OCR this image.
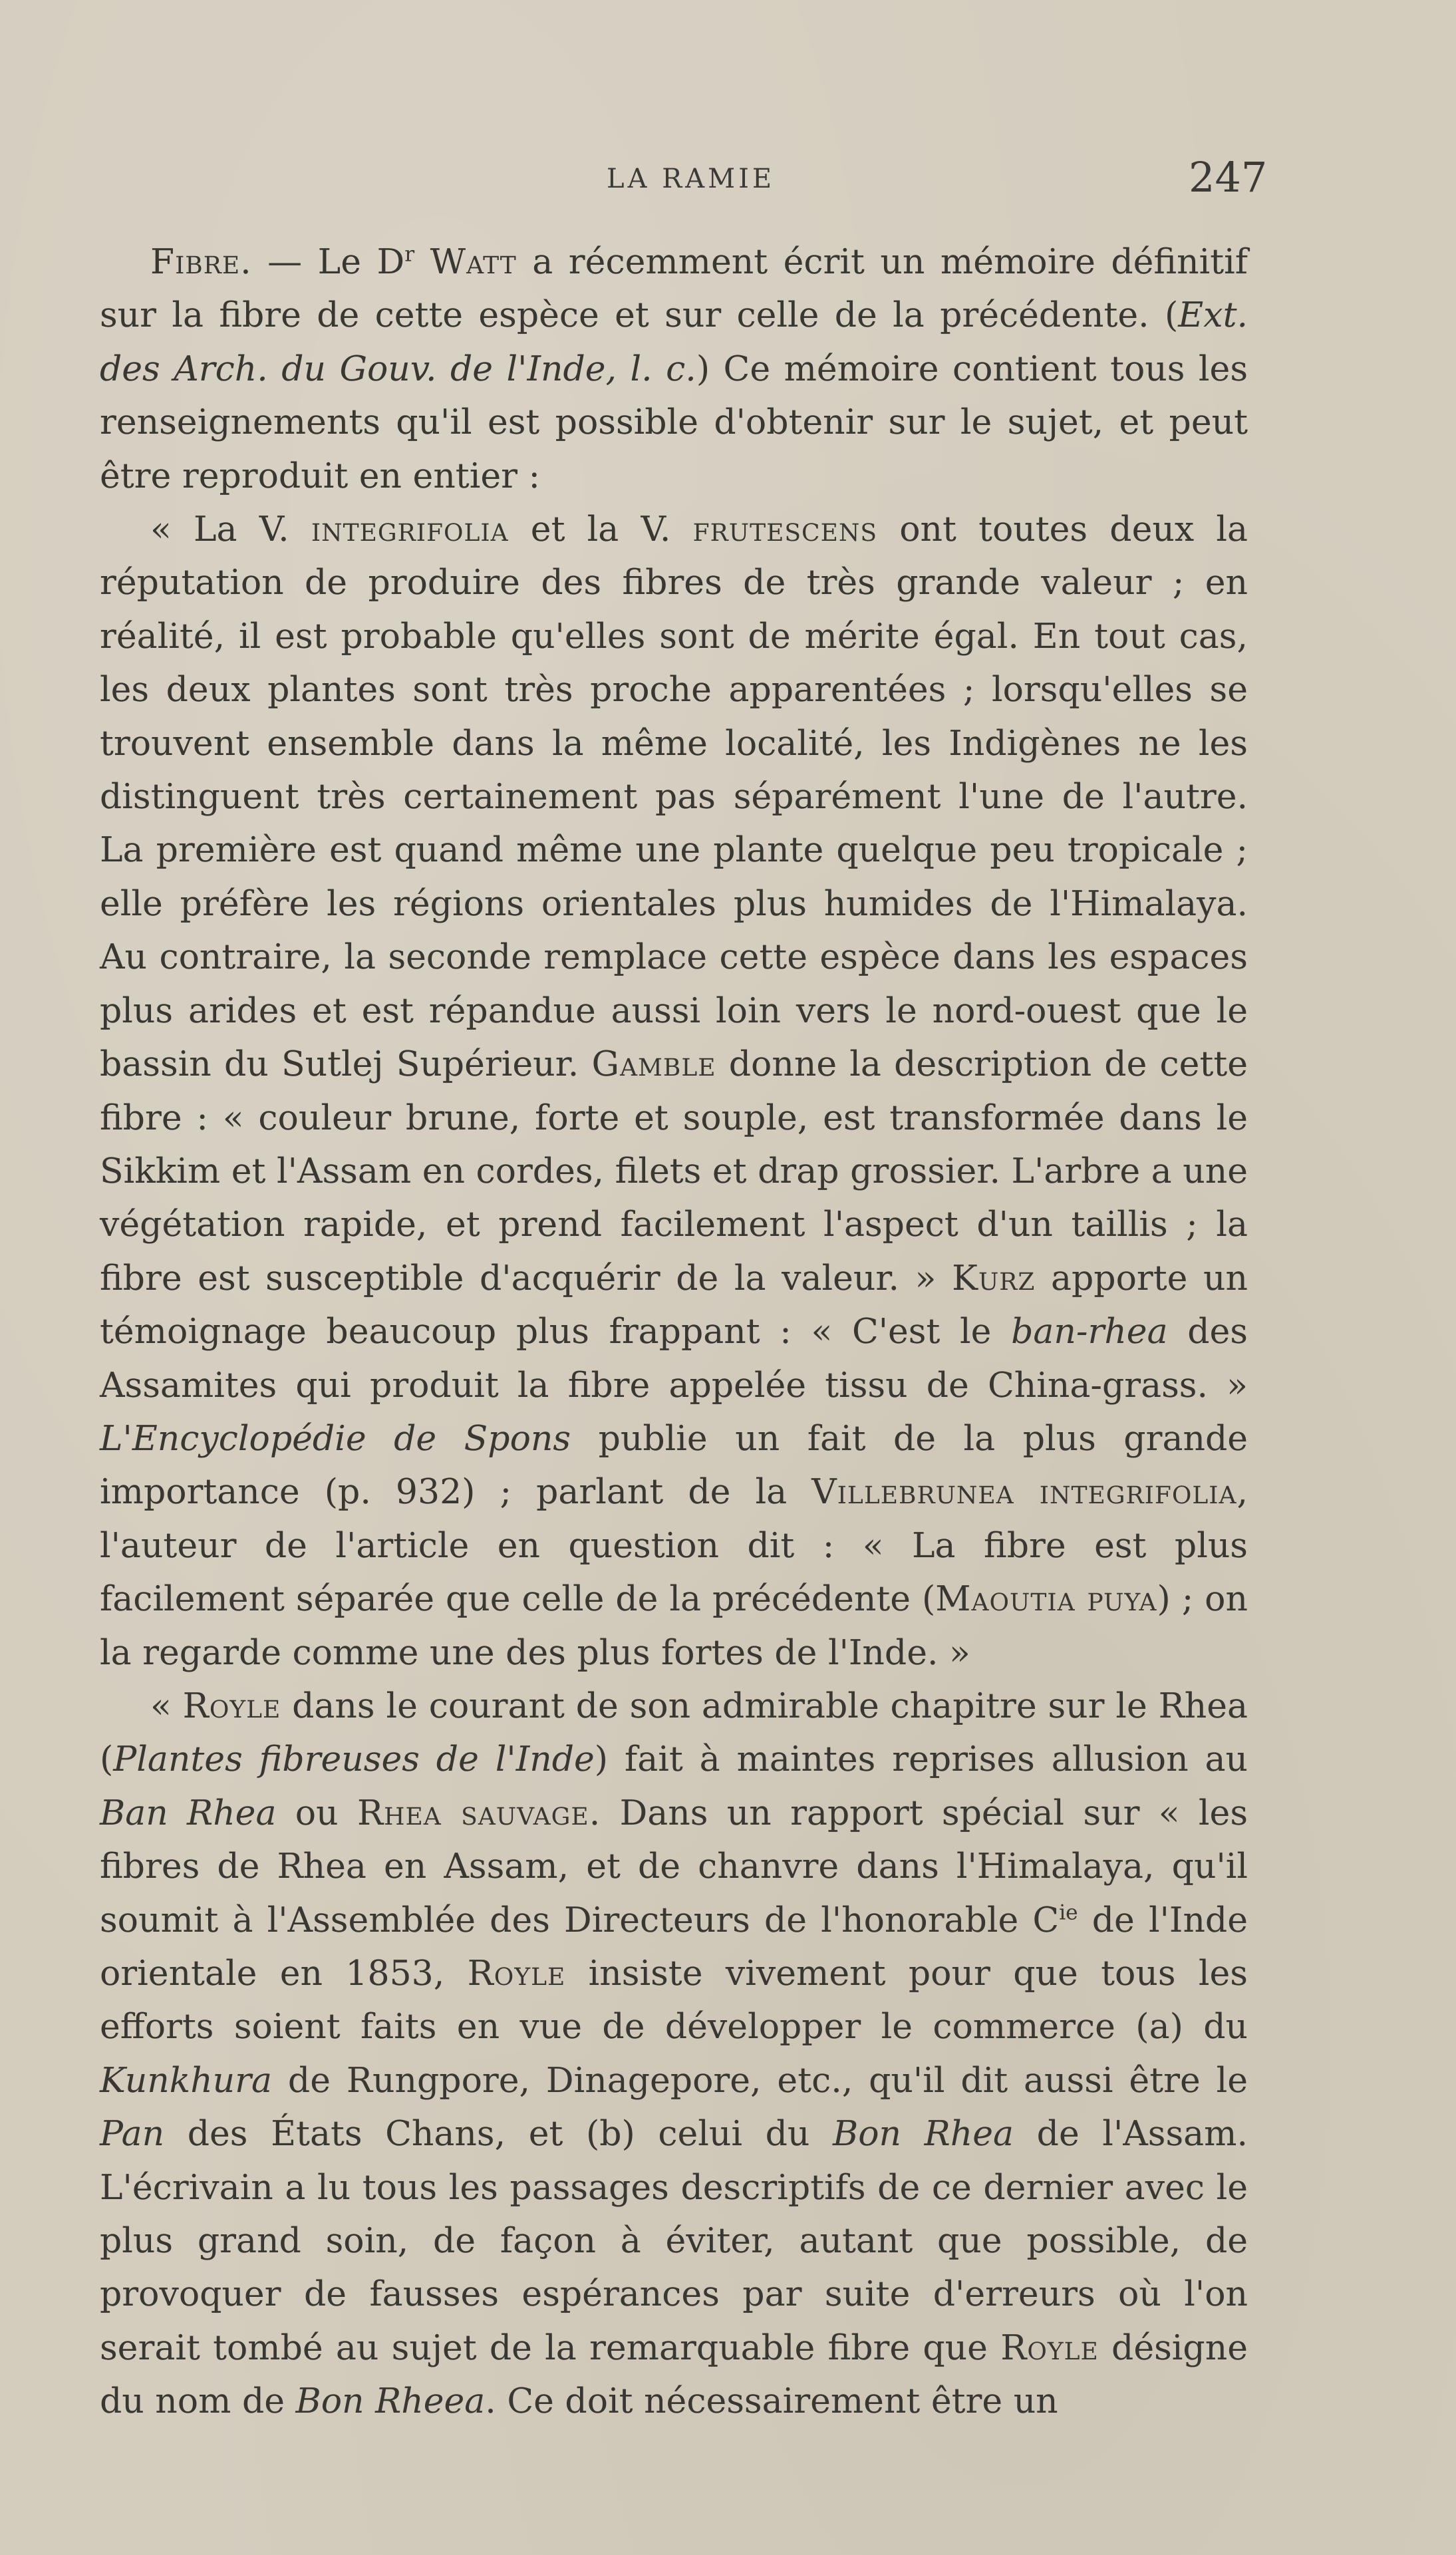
LA RAMIE	247

Fibre. — Le $D^r$ Watt a récemment écrit un mémoire définitif sur la fibre de cette espèce et sur celle de la précédente. (Ext. des Arch. du Gouv. de l'Inde, l. c.) Ce mémoire contient tous les renseignements qu'il est possible d'obtenir sur le sujet, et peut être reproduit en entier :

« La V. integrifolia et la V. frutescens ont toutes deux la réputation de produire des fibres de très grande valeur ; en réalité, il est probable qu'elles sont de mérite égal. En tout cas, les deux plantes sont très proche apparentées ; lorsqu'elles se trouvent ensemble dans la même localité, les Indigènes ne les distinguent très certainement pas séparément l'une de l'autre. La première est quand même une plante quelque peu tropicale ; elle préfère les régions orientales plus humides de l'Himalaya. Au contraire, la seconde remplace cette espèce dans les espaces plus arides et est répandue aussi loin vers le nord-ouest que le bassin du Sutlej Supérieur. Gamble donne la description de cette fibre : « couleur brune, forte et souple, est transformée dans le Sikkim et l'Assam en cordes, filets et drap grossier. L'arbre a une végétation rapide, et prend facilement l'aspect d'un taillis ; la fibre est susceptible d'acquérir de la valeur. » Kurz apporte un témoignage beaucoup plus frappant : « C'est le ban-rhea des Assamites qui produit la fibre appelée tissu de China-grass. » L'Encyclopédie de Spons publie un fait de la plus grande importance (p. 932) ; parlant de la Villebrunea integrifolia, l'auteur de l'article en question dit : « La fibre est plus facilement séparée que celle de la précédente (Maoutia puya) ; on la regarde comme une des plus fortes de l'Inde. »

« Royle dans le courant de son admirable chapitre sur le Rhea (Plantes fibreuses de l'Inde) fait à maintes reprises allusion au Ban Rhea ou Rhea sauvage. Dans un rapport spécial sur « les fibres de Rhea en Assam, et de chanvre dans l'Himalaya, qu'il soumit à l'Assemblée des Directeurs de l'honorable $C^{ie}$ de l'Inde orientale en 1853, Royle insiste vivement pour que tous les efforts soient faits en vue de développer le commerce (a) du Kunkhura de Rungpore, Dinagepore, etc., qu'il dit aussi être le Pan des États Chans, et (b) celui du Bon Rhea de l'Assam. L'écrivain a lu tous les passages descriptifs de ce dernier avec le plus grand soin, de façon à éviter, autant que possible, de provoquer de fausses espérances par suite d'erreurs où l'on serait tombé au sujet de la remarquable fibre que Royle désigne du nom de Bon Rheea. Ce doit nécessairement être un
